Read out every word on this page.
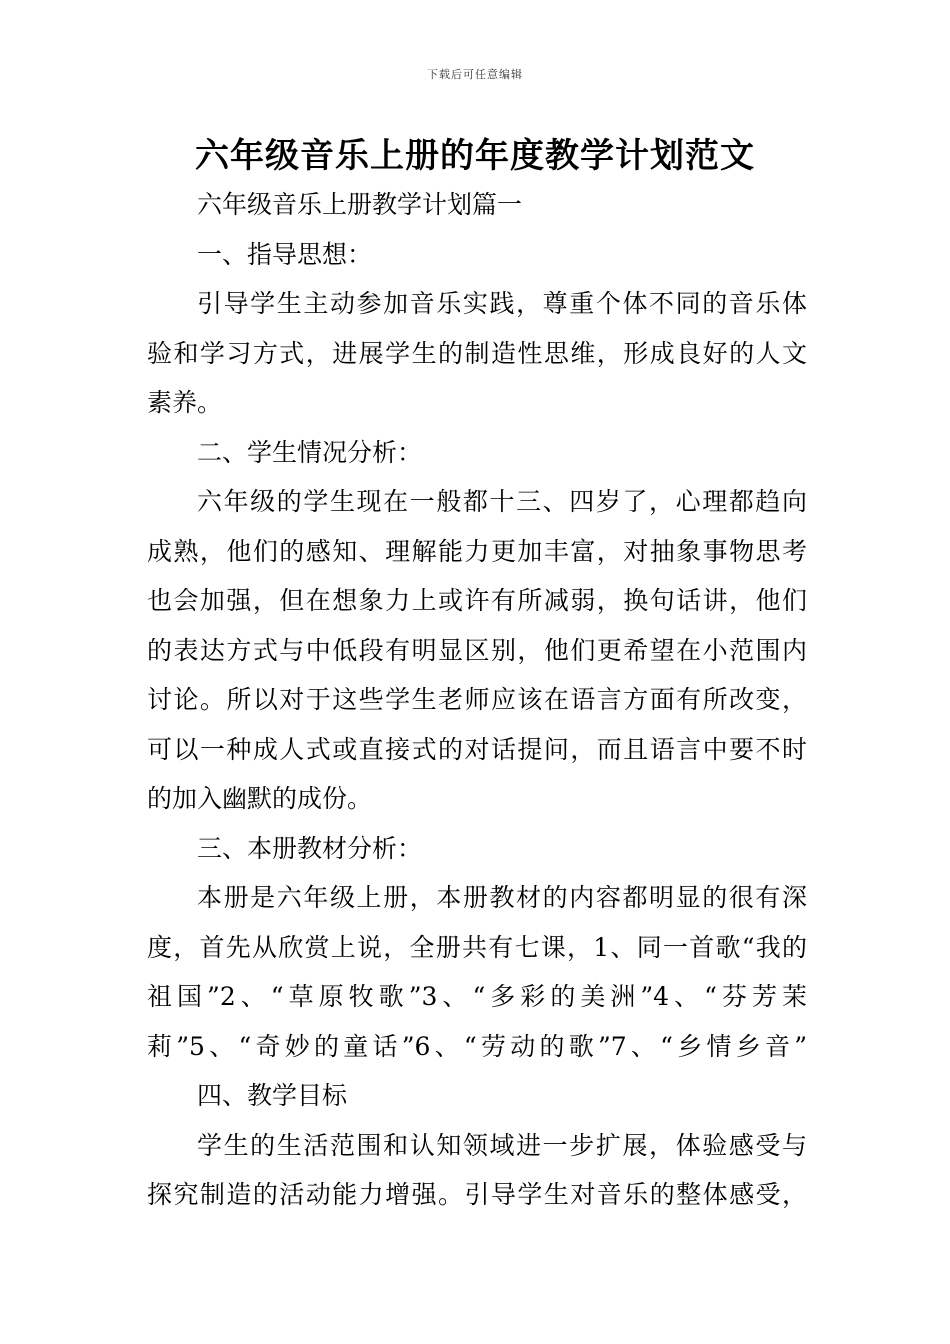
下载后可任意编辑
六年级音乐上册的年度教学计划范文
六年级音乐上册教学计划篇一
一、指导思想：
引导学生主动参加音乐实践，尊重个体不同的音乐体
验和学习方式，进展学生的制造性思维，形成良好的人文
素养。
二、学生情况分析：
六年级的学生现在一般都十三、四岁了，心理都趋向
成熟，他们的感知、理解能力更加丰富，对抽象事物思考
也会加强，但在想象力上或许有所减弱，换句话讲，他们
的表达方式与中低段有明显区别，他们更希望在小范围内
讨论。所以对于这些学生老师应该在语言方面有所改变，
可以一种成人式或直接式的对话提问，而且语言中要不时
的加入幽默的成份。
三、本册教材分析：
本册是六年级上册，本册教材的内容都明显的很有深
度，首先从欣赏上说，全册共有七课，1、同一首歌“我的
祖国”2、“草原牧歌”3、“多彩的美洲”4、“芬芳茉
莉”5、“奇妙的童话”6、“劳动的歌”7、“乡情乡音”
四、教学目标
学生的生活范围和认知领域进一步扩展，体验感受与
探究制造的活动能力增强。引导学生对音乐的整体感受，
